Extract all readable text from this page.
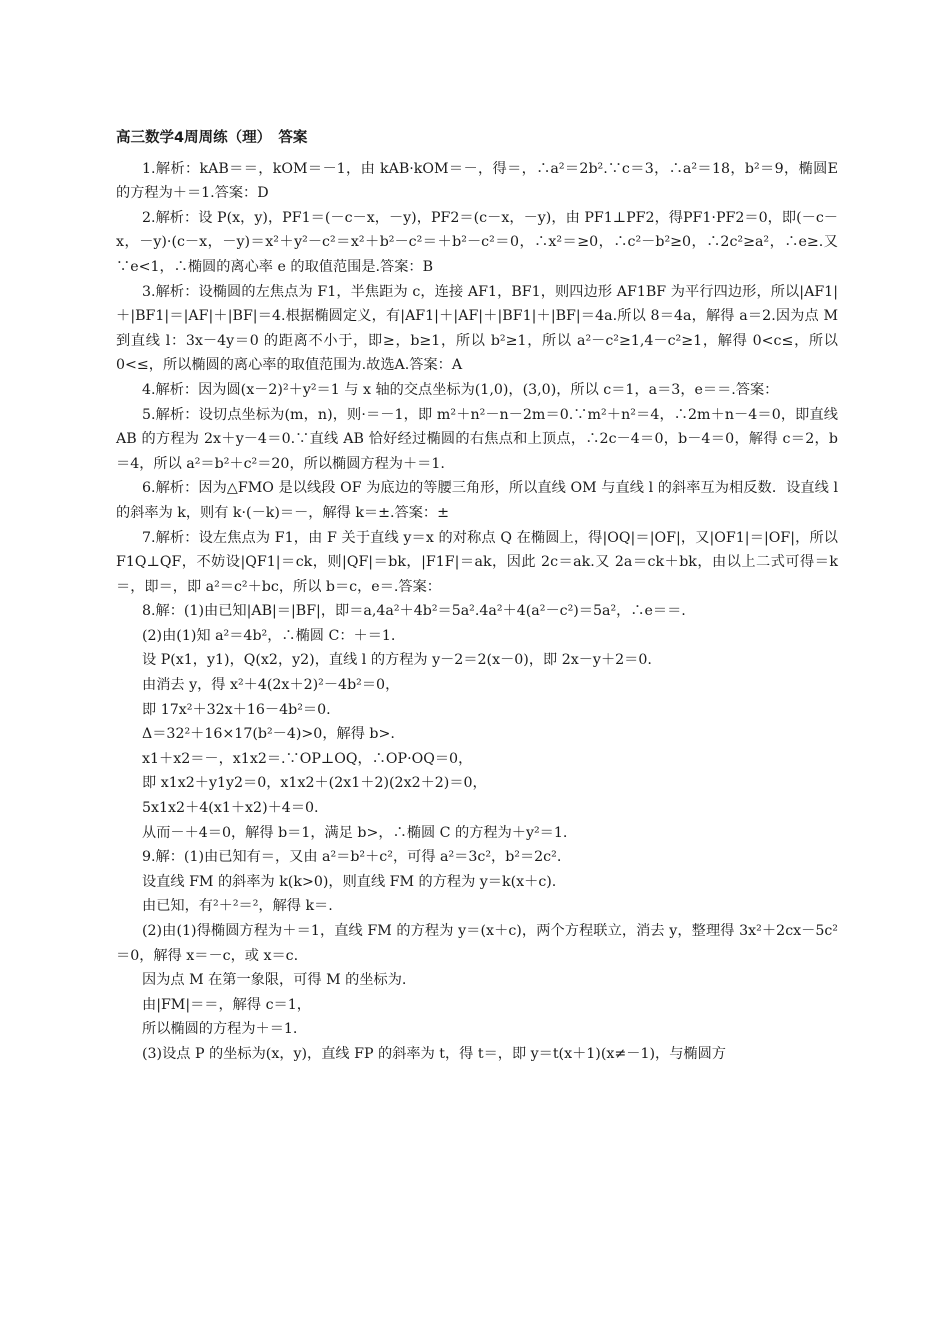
高三数学4周周练（理）　答案

1.解析：kAB＝＝，kOM＝－1，由 kAB·kOM＝－，得＝，∴a²＝2b².∵c＝3，∴a²＝18，b²＝9，椭圆E的方程为＋＝1.答案：D

2.解析：设 P(x，y)，PF1＝(－c－x，－y)，PF2＝(c－x，－y)，由 PF1⊥PF2，得PF1·PF2＝0，即(－c－x，－y)·(c－x，－y)＝x²＋y²－c²＝x²＋b²－c²＝＋b²－c²＝0，∴x²＝≥0，∴c²－b²≥0，∴2c²≥a²，∴e≥.又∵e<1，∴椭圆的离心率 e 的取值范围是.答案：B

3.解析：设椭圆的左焦点为 F1，半焦距为 c，连接 AF1，BF1，则四边形 AF1BF 为平行四边形，所以|AF1|＋|BF1|＝|AF|＋|BF|＝4.根据椭圆定义，有|AF1|＋|AF|＋|BF1|＋|BF|＝4a.所以 8＝4a，解得 a＝2.因为点 M 到直线 l：3x－4y＝0 的距离不小于，即≥，b≥1，所以 b²≥1，所以 a²－c²≥1,4－c²≥1，解得 0<c≤，所以 0<≤，所以椭圆的离心率的取值范围为.故选A.答案：A

4.解析：因为圆(x－2)²＋y²＝1 与 x 轴的交点坐标为(1,0)，(3,0)，所以 c＝1，a＝3，e＝＝.答案：

5.解析：设切点坐标为(m，n)，则·＝－1，即 m²＋n²－n－2m＝0.∵m²＋n²＝4，∴2m＋n－4＝0，即直线 AB 的方程为 2x＋y－4＝0.∵直线 AB 恰好经过椭圆的右焦点和上顶点，∴2c－4＝0，b－4＝0，解得 c＝2，b＝4，所以 a²＝b²＋c²＝20，所以椭圆方程为＋＝1.

6.解析：因为△FMO 是以线段 OF 为底边的等腰三角形，所以直线 OM 与直线 l 的斜率互为相反数．设直线 l 的斜率为 k，则有 k·(－k)＝－，解得 k＝±.答案：±

7.解析：设左焦点为 F1，由 F 关于直线 y＝x 的对称点 Q 在椭圆上，得|OQ|＝|OF|，又|OF1|＝|OF|，所以 F1Q⊥QF，不妨设|QF1|＝ck，则|QF|＝bk，|F1F|＝ak，因此 2c＝ak.又 2a＝ck＋bk，由以上二式可得＝k＝，即＝，即 a²＝c²＋bc，所以 b＝c，e＝.答案：

8.解：(1)由已知|AB|＝|BF|，即＝a,4a²＋4b²＝5a².4a²＋4(a²－c²)＝5a²，∴e＝＝.

(2)由(1)知 a²＝4b²，∴椭圆 C：＋＝1.

设 P(x1，y1)，Q(x2，y2)，直线 l 的方程为 y－2＝2(x－0)，即 2x－y＋2＝0.

由消去 y，得 x²＋4(2x＋2)²－4b²＝0，

即 17x²＋32x＋16－4b²＝0.

Δ＝32²＋16×17(b²－4)>0，解得 b>.

x1＋x2＝－，x1x2＝.∵OP⊥OQ，∴OP·OQ＝0，

即 x1x2＋y1y2＝0，x1x2＋(2x1＋2)(2x2＋2)＝0，

5x1x2＋4(x1＋x2)＋4＝0.

从而－＋4＝0，解得 b＝1，满足 b>，∴椭圆 C 的方程为＋y²＝1.

9.解：(1)由已知有＝，又由 a²＝b²＋c²，可得 a²＝3c²，b²＝2c².

设直线 FM 的斜率为 k(k>0)，则直线 FM 的方程为 y＝k(x＋c).

由已知，有²＋²＝²，解得 k＝.

(2)由(1)得椭圆方程为＋＝1，直线 FM 的方程为 y＝(x＋c)，两个方程联立，消去 y，整理得 3x²＋2cx－5c²＝0，解得 x＝－c，或 x＝c.

因为点 M 在第一象限，可得 M 的坐标为.

由|FM|＝＝，解得 c＝1，

所以椭圆的方程为＋＝1.

(3)设点 P 的坐标为(x，y)，直线 FP 的斜率为 t，得 t＝，即 y＝t(x＋1)(x≠－1)，与椭圆方
